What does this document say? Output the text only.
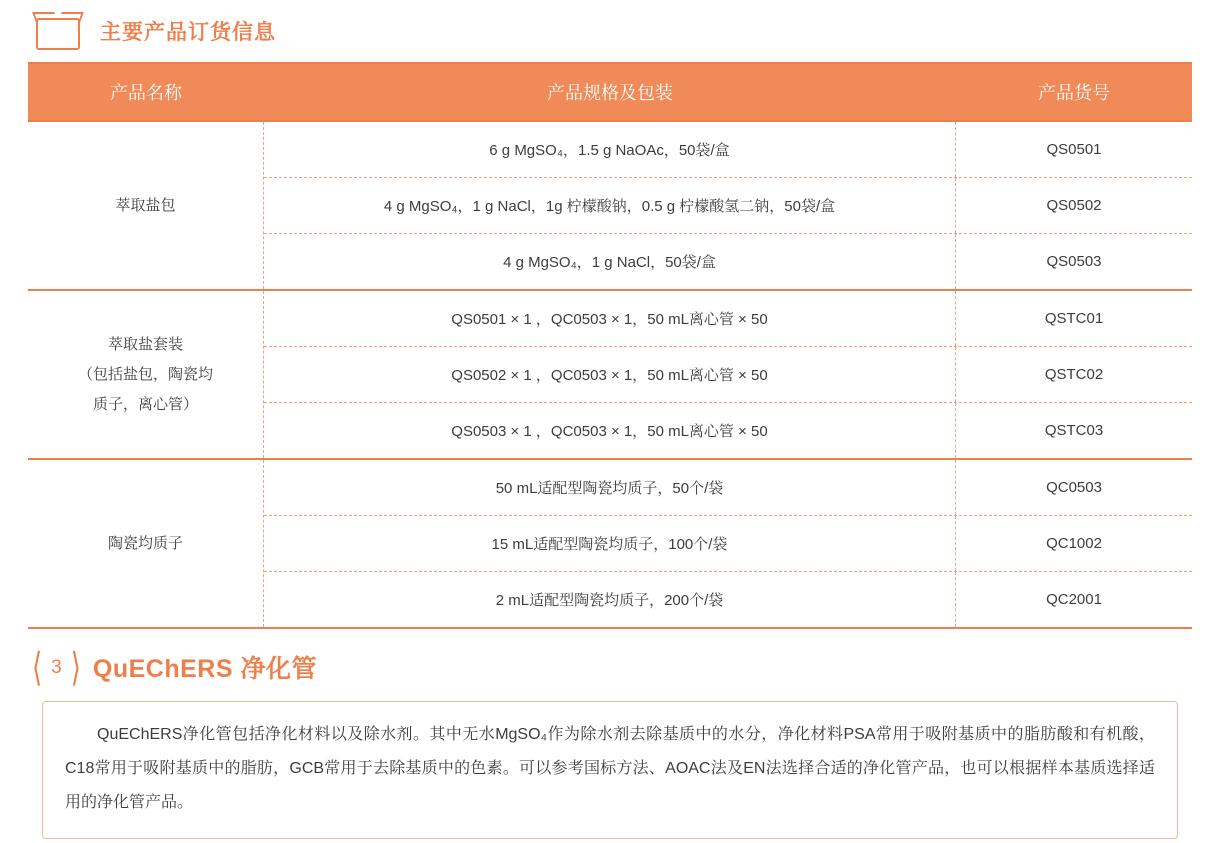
主要产品订货信息
产品名称	产品规格及包装	产品货号
萃取盐包
6 g MgSO₄，1.5 g NaOAc，50袋/盒	QS0501
4 g MgSO₄，1 g NaCl，1g 柠檬酸钠，0.5 g 柠檬酸氢二钠，50袋/盒	QS0502
4 g MgSO₄，1 g NaCl，50袋/盒	QS0503
萃取盐套装
（包括盐包，陶瓷均
质子，离心管）
QS0501 × 1 ，QC0503 × 1，50 mL离心管 × 50	QSTC01
QS0502 × 1 ，QC0503 × 1，50 mL离心管 × 50	QSTC02
QS0503 × 1 ，QC0503 × 1，50 mL离心管 × 50	QSTC03
陶瓷均质子
50 mL适配型陶瓷均质子，50个/袋	QC0503
15 mL适配型陶瓷均质子，100个/袋	QC1002
2 mL适配型陶瓷均质子，200个/袋	QC2001
⟨ 3 ⟩ QuEChERS 净化管

QuEChERS净化管包括净化材料以及除水剂。其中无水MgSO₄作为除水剂去除基质中的水分，净化材料PSA常用于吸附基质中的脂肪酸和有机酸，C18常用于吸附基质中的脂肪，GCB常用于去除基质中的色素。可以参考国标方法、AOAC法及EN法选择合适的净化管产品，也可以根据样本基质选择适用的净化管产品。
